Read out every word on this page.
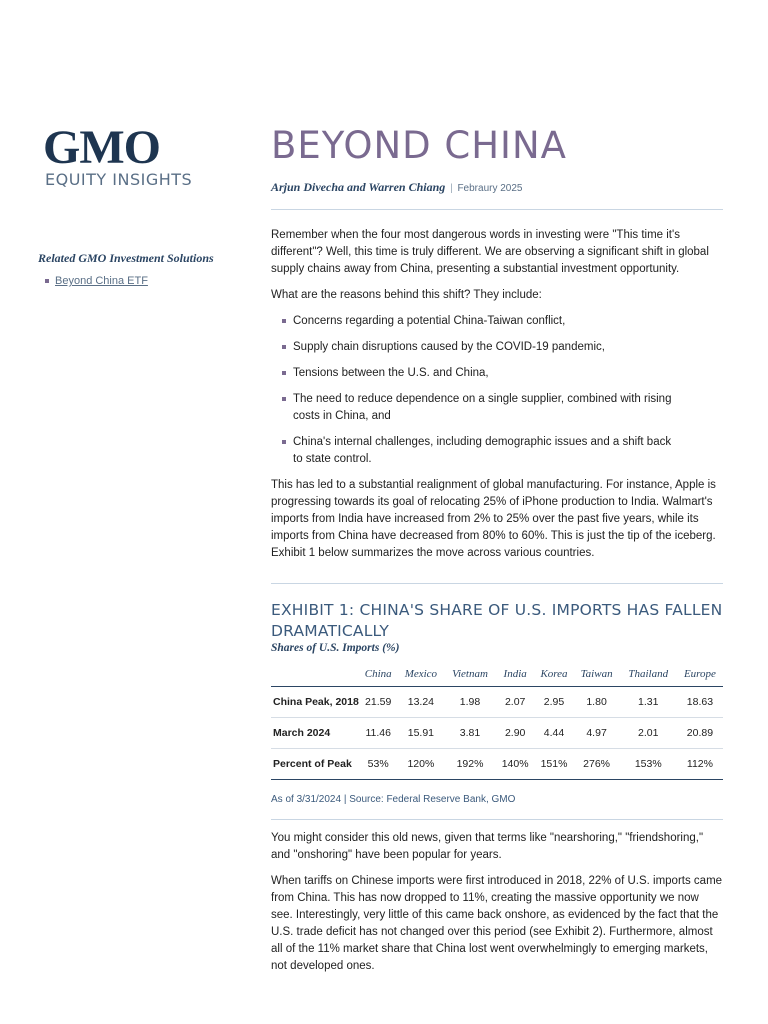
GMO
EQUITY INSIGHTS
Related GMO Investment Solutions
Beyond China ETF
BEYOND CHINA
Arjun Divecha and Warren Chiang | Febraury 2025

Remember when the four most dangerous words in investing were "This time it's different"? Well, this time is truly different. We are observing a significant shift in global supply chains away from China, presenting a substantial investment opportunity.

What are the reasons behind this shift? They include:

Concerns regarding a potential China-Taiwan conflict,
Supply chain disruptions caused by the COVID-19 pandemic,
Tensions between the U.S. and China,
The need to reduce dependence on a single supplier, combined with rising costs in China, and
China's internal challenges, including demographic issues and a shift back to state control.

This has led to a substantial realignment of global manufacturing. For instance, Apple is progressing towards its goal of relocating 25% of iPhone production to India. Walmart's imports from India have increased from 2% to 25% over the past five years, while its imports from China have decreased from 80% to 60%. This is just the tip of the iceberg. Exhibit 1 below summarizes the move across various countries.

EXHIBIT 1: CHINA'S SHARE OF U.S. IMPORTS HAS FALLEN DRAMATICALLY
Shares of U.S. Imports (%)
	China	Mexico	Vietnam	India	Korea	Taiwan	Thailand	Europe
China Peak, 2018	21.59	13.24	1.98	2.07	2.95	1.80	1.31	18.63
March 2024	11.46	15.91	3.81	2.90	4.44	4.97	2.01	20.89
Percent of Peak	53%	120%	192%	140%	151%	276%	153%	112%
As of 3/31/2024 | Source: Federal Reserve Bank, GMO

You might consider this old news, given that terms like "nearshoring," "friendshoring," and "onshoring" have been popular for years.

When tariffs on Chinese imports were first introduced in 2018, 22% of U.S. imports came from China. This has now dropped to 11%, creating the massive opportunity we now see. Interestingly, very little of this came back onshore, as evidenced by the fact that the U.S. trade deficit has not changed over this period (see Exhibit 2). Furthermore, almost all of the 11% market share that China lost went overwhelmingly to emerging markets, not developed ones.
